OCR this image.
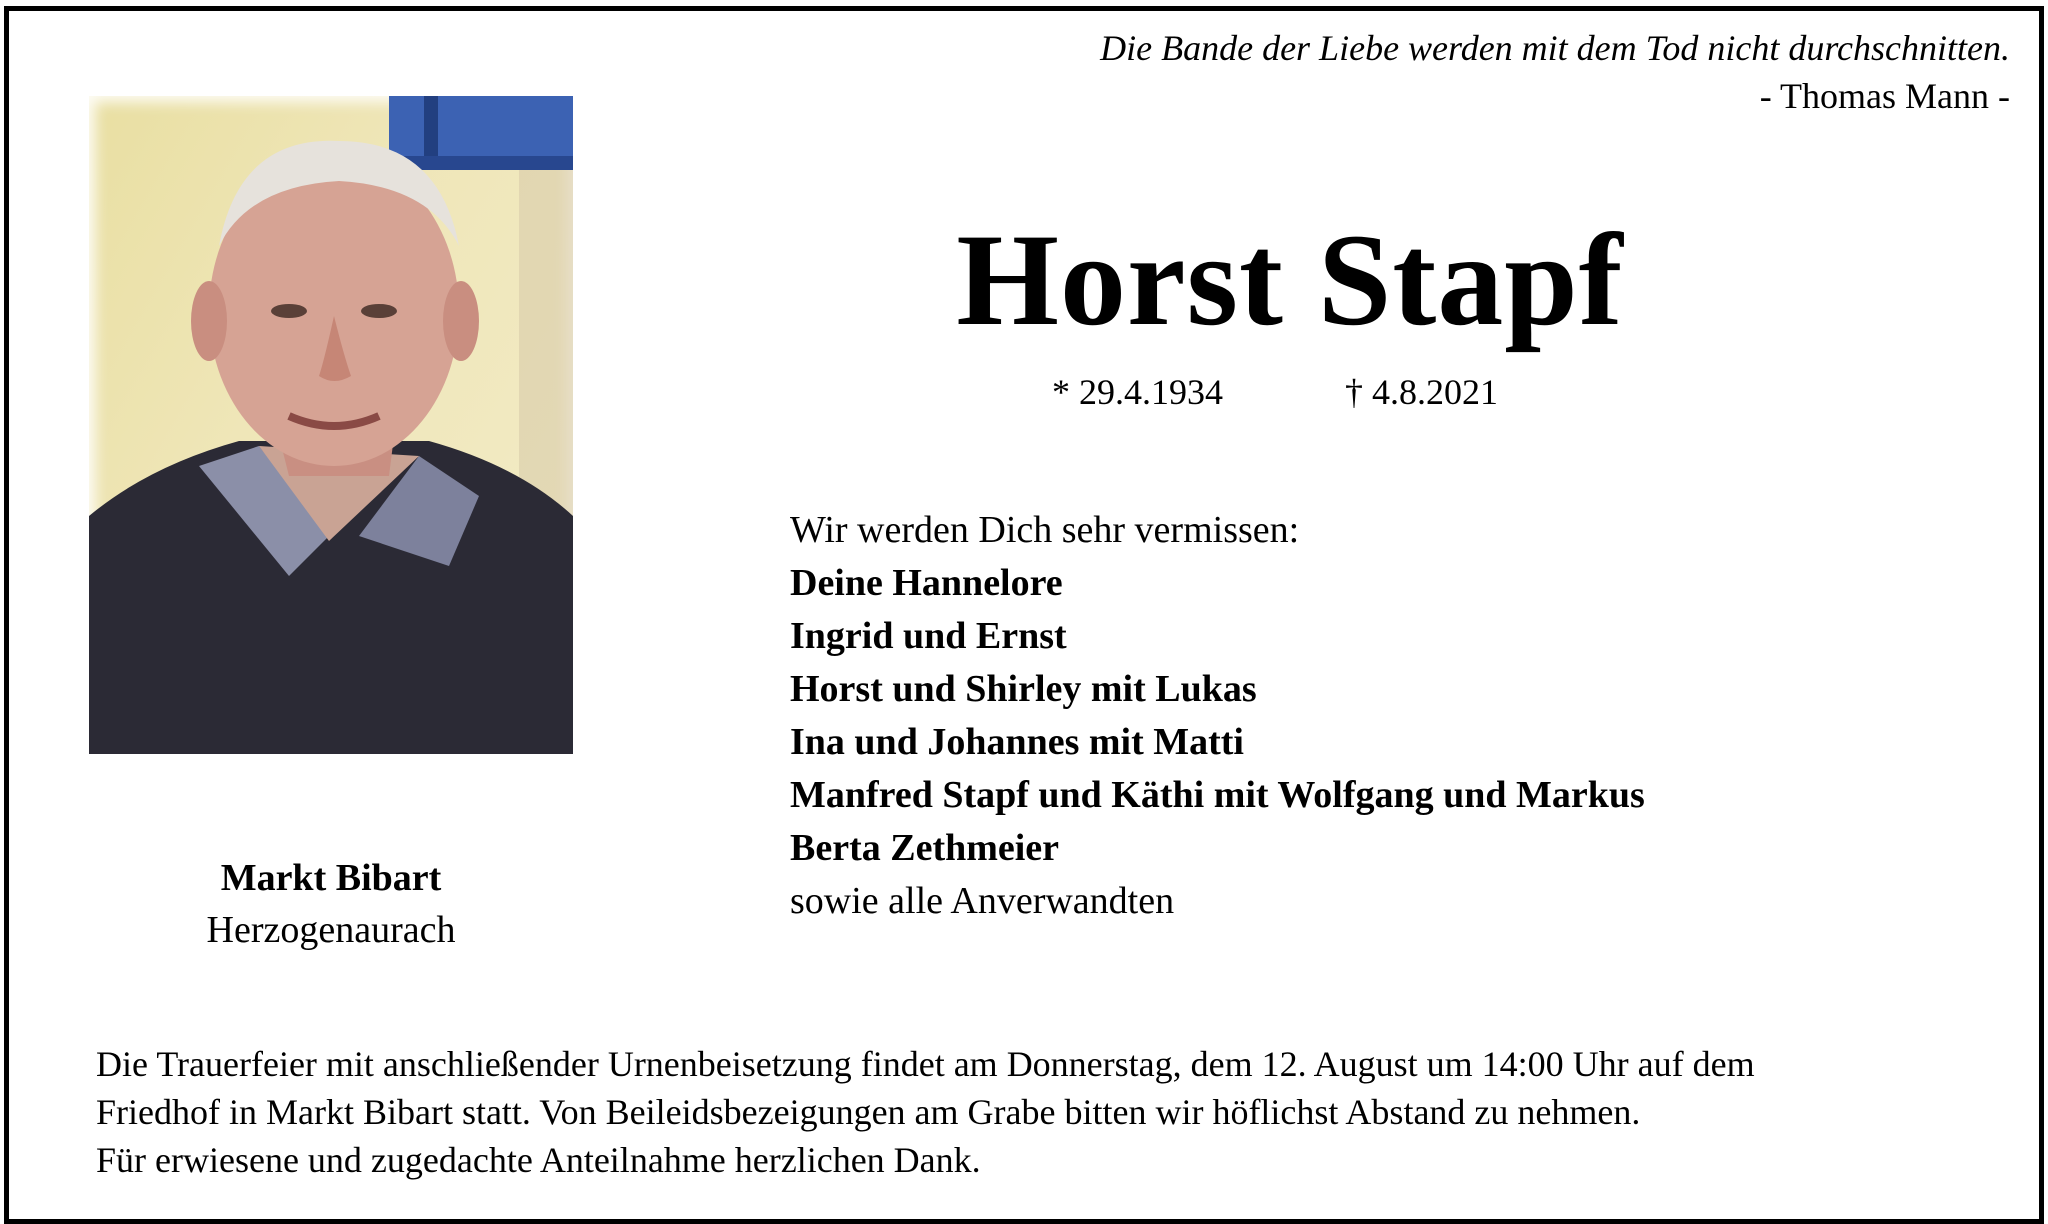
Die Bande der Liebe werden mit dem Tod nicht durchschnitten.
- Thomas Mann -
Markt Bibart
Herzogenaurach
Horst Stapf
* 29.4.1934	† 4.8.2021
Wir werden Dich sehr vermissen:
Deine Hannelore
Ingrid und Ernst
Horst und Shirley mit Lukas
Ina und Johannes mit Matti
Manfred Stapf und Käthi mit Wolfgang und Markus
Berta Zethmeier
sowie alle Anverwandten
Die Trauerfeier mit anschließender Urnenbeisetzung findet am Donnerstag, dem 12. August um 14:00 Uhr auf dem
Friedhof in Markt Bibart statt. Von Beileidsbezeigungen am Grabe bitten wir höflichst Abstand zu nehmen.
Für erwiesene und zugedachte Anteilnahme herzlichen Dank.
